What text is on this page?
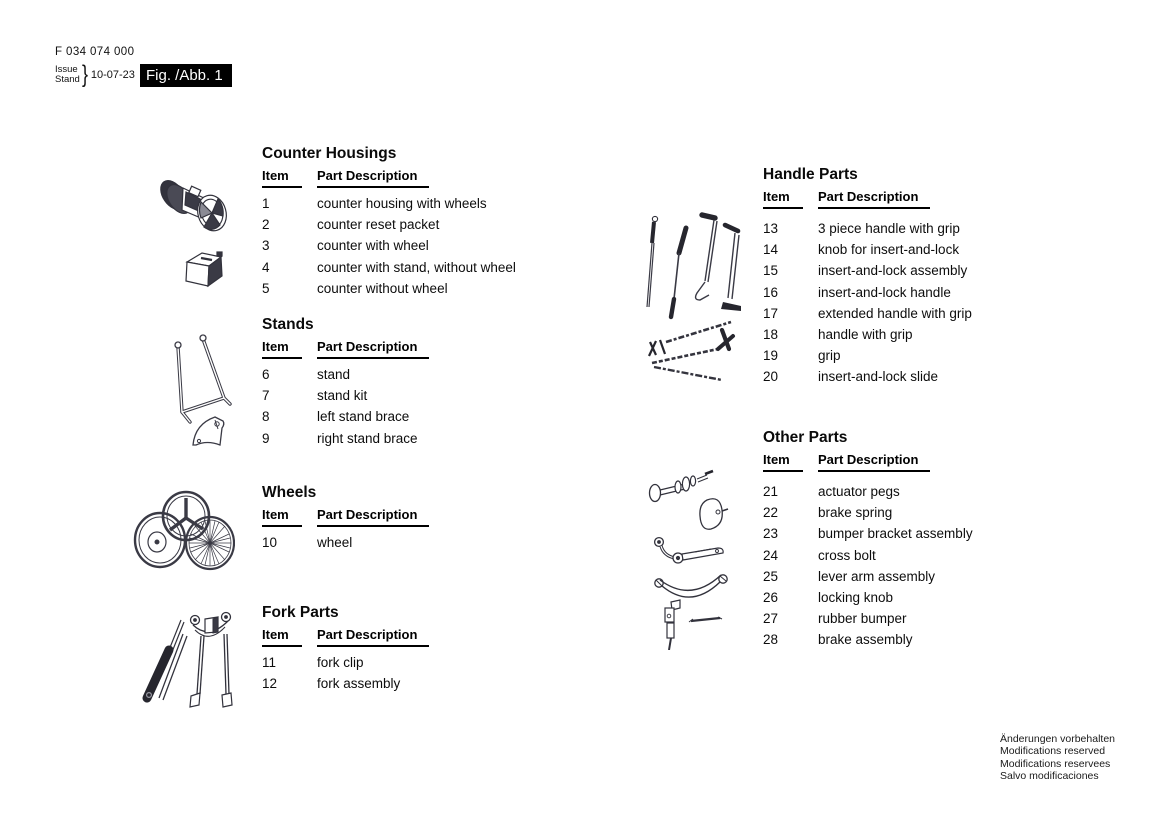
F 034 074 000
Issue
Stand } 10-07-23 Fig. /Abb. 1
Counter Housings
Item	Part Description
1	counter housing with wheels
2	counter reset packet
3	counter with wheel
4	counter with stand, without wheel
5	counter without wheel
Stands
Item	Part Description
6	stand
7	stand kit
8	left stand brace
9	right stand brace
Wheels
Item	Part Description
10	wheel
Fork Parts
Item	Part Description
11	fork clip
12	fork assembly
Handle Parts
Item	Part Description
13	3 piece handle with grip
14	knob for insert-and-lock
15	insert-and-lock assembly
16	insert-and-lock handle
17	extended handle with grip
18	handle with grip
19	grip
20	insert-and-lock slide
Other Parts
Item	Part Description
21	actuator pegs
22	brake spring
23	bumper bracket assembly
24	cross bolt
25	lever arm assembly
26	locking knob
27	rubber bumper
28	brake assembly
Änderungen vorbehalten
Modifications reserved
Modifications reservees
Salvo modificaciones
